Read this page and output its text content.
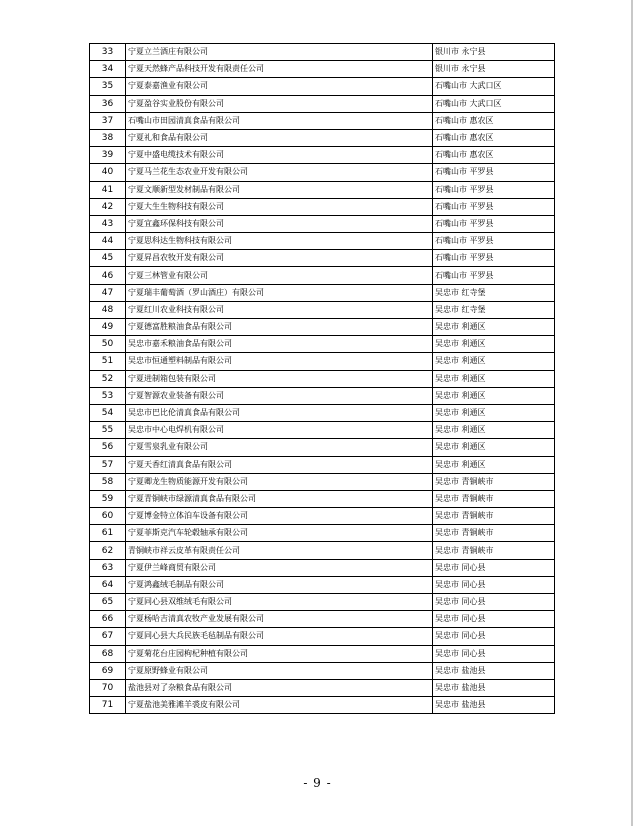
33	宁夏立兰酒庄有限公司	银川市 永宁县
34	宁夏天然蜂产品科技开发有限责任公司	银川市 永宁县
35	宁夏泰嘉渔业有限公司	石嘴山市 大武口区
36	宁夏盈谷实业股份有限公司	石嘴山市 大武口区
37	石嘴山市田园清真食品有限公司	石嘴山市 惠农区
38	宁夏礼和食品有限公司	石嘴山市 惠农区
39	宁夏中盛电缆技术有限公司	石嘴山市 惠农区
40	宁夏马兰花生态农业开发有限公司	石嘴山市 平罗县
41	宁夏文顺新型发材制品有限公司	石嘴山市 平罗县
42	宁夏大生生物科技有限公司	石嘴山市 平罗县
43	宁夏宜鑫环保科技有限公司	石嘴山市 平罗县
44	宁夏思科达生物科技有限公司	石嘴山市 平罗县
45	宁夏昇昌农牧开发有限公司	石嘴山市 平罗县
46	宁夏三林管业有限公司	石嘴山市 平罗县
47	宁夏瑞丰葡萄酒（罗山酒庄）有限公司	吴忠市 红寺堡
48	宁夏红川农业科技有限公司	吴忠市 红寺堡
49	宁夏德富胜粮油食品有限公司	吴忠市 利通区
50	吴忠市嘉禾粮油食品有限公司	吴忠市 利通区
51	吴忠市恒通塑料制品有限公司	吴忠市 利通区
52	宁夏进制箱包装有限公司	吴忠市 利通区
53	宁夏智源农业装备有限公司	吴忠市 利通区
54	吴忠市巴比伦清真食品有限公司	吴忠市 利通区
55	吴忠市中心电焊机有限公司	吴忠市 利通区
56	宁夏雪泉乳业有限公司	吴忠市 利通区
57	宁夏天香红清真食品有限公司	吴忠市 利通区
58	宁夏卿龙生物质能源开发有限公司	吴忠市 青铜峡市
59	宁夏青铜峡市绿源清真食品有限公司	吴忠市 青铜峡市
60	宁夏博金特立体泊车设备有限公司	吴忠市 青铜峡市
61	宁夏菲斯克汽车轮毂轴承有限公司	吴忠市 青铜峡市
62	青铜峡市祥云皮革有限责任公司	吴忠市 青铜峡市
63	宁夏伊兰峰商贸有限公司	吴忠市 同心县
64	宁夏鸿鑫绒毛制品有限公司	吴忠市 同心县
65	宁夏同心县双维绒毛有限公司	吴忠市 同心县
66	宁夏杨哈吉清真农牧产业发展有限公司	吴忠市 同心县
67	宁夏同心县大兵民族毛毡制品有限公司	吴忠市 同心县
68	宁夏菊花台庄园枸杞种植有限公司	吴忠市 同心县
69	宁夏原野蜂业有限公司	吴忠市 盐池县
70	盐池县对了杂粮食品有限公司	吴忠市 盐池县
71	宁夏盐池美雅滩羊裘皮有限公司	吴忠市 盐池县
- 9 -
